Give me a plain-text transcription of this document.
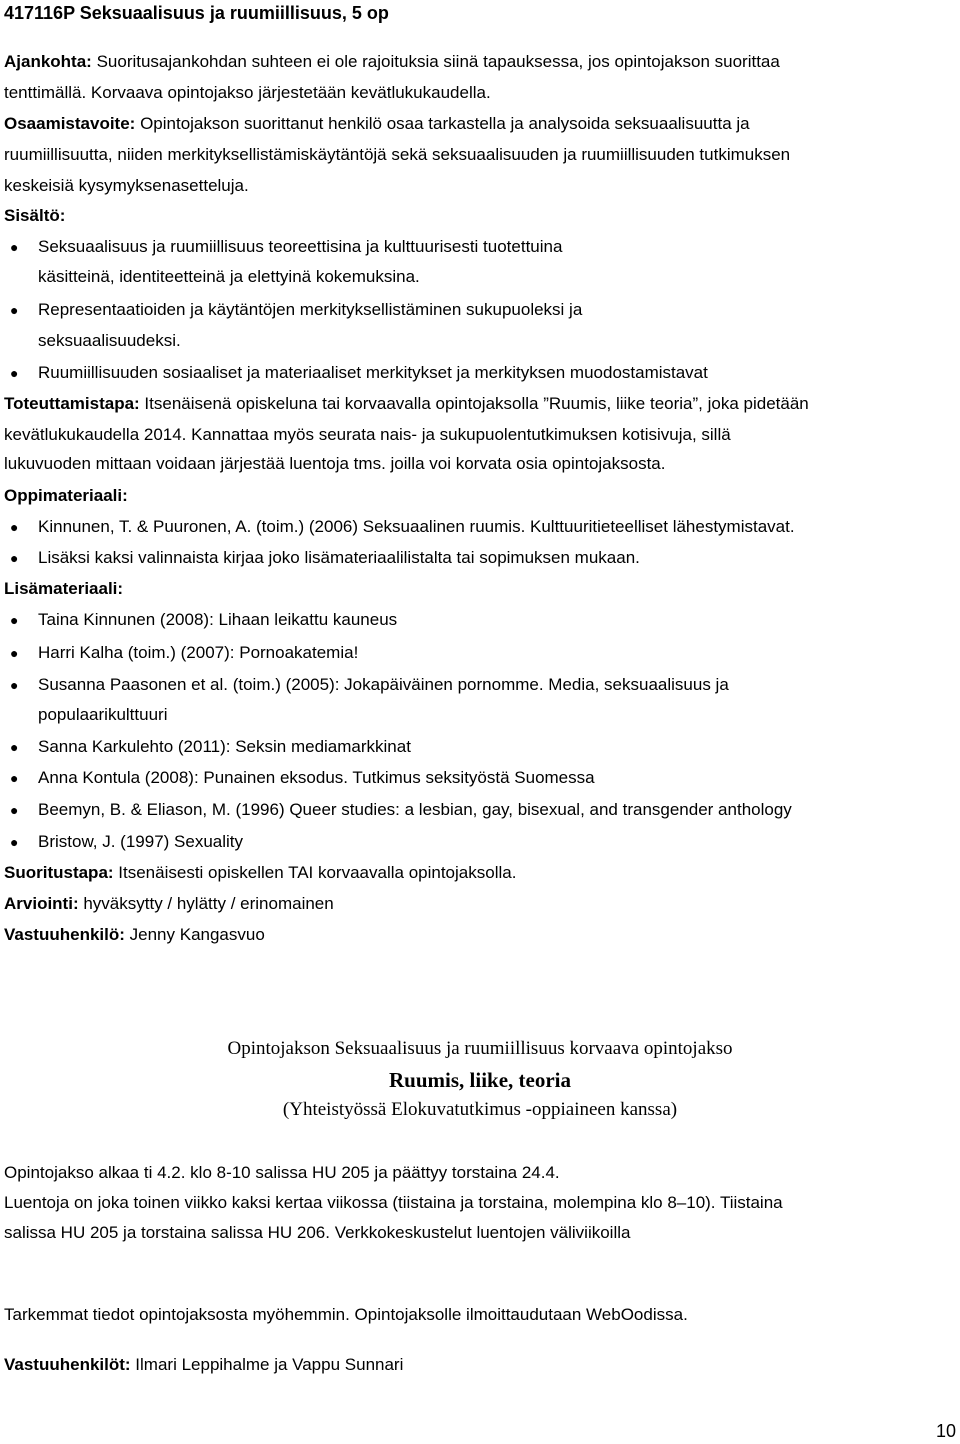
417116P Seksuaalisuus ja ruumiillisuus, 5 op
Ajankohta: Suoritusajankohdan suhteen ei ole rajoituksia siinä tapauksessa, jos opintojakson suorittaa
tenttimällä. Korvaava opintojakso järjestetään kevätlukukaudella.
Osaamistavoite: Opintojakson suorittanut henkilö osaa tarkastella ja analysoida seksuaalisuutta ja
ruumiillisuutta, niiden merkityksellistämiskäytäntöjä sekä seksuaalisuuden ja ruumiillisuuden tutkimuksen
keskeisiä kysymyksenasetteluja.
Sisältö:
● Seksuaalisuus ja ruumiillisuus teoreettisina ja kulttuurisesti tuotettuina
käsitteinä, identiteetteinä ja elettyinä kokemuksina.
● Representaatioiden ja käytäntöjen merkityksellistäminen sukupuoleksi ja
seksuaalisuudeksi.
● Ruumiillisuuden sosiaaliset ja materiaaliset merkitykset ja merkityksen muodostamistavat
Toteuttamistapa: Itsenäisenä opiskeluna tai korvaavalla opintojaksolla ”Ruumis, liike teoria”, joka pidetään
kevätlukukaudella 2014. Kannattaa myös seurata nais- ja sukupuolentutkimuksen kotisivuja, sillä
lukuvuoden mittaan voidaan järjestää luentoja tms. joilla voi korvata osia opintojaksosta.
Oppimateriaali:
● Kinnunen, T. & Puuronen, A. (toim.) (2006) Seksuaalinen ruumis. Kulttuuritieteelliset lähestymistavat.
● Lisäksi kaksi valinnaista kirjaa joko lisämateriaalilistalta tai sopimuksen mukaan.
Lisämateriaali:
● Taina Kinnunen (2008): Lihaan leikattu kauneus
● Harri Kalha (toim.) (2007): Pornoakatemia!
● Susanna Paasonen et al. (toim.) (2005): Jokapäiväinen pornomme. Media, seksuaalisuus ja
populaarikulttuuri
● Sanna Karkulehto (2011): Seksin mediamarkkinat
● Anna Kontula (2008): Punainen eksodus. Tutkimus seksityöstä Suomessa
● Beemyn, B. & Eliason, M. (1996) Queer studies: a lesbian, gay, bisexual, and transgender anthology
● Bristow, J. (1997) Sexuality
Suoritustapa: Itsenäisesti opiskellen TAI korvaavalla opintojaksolla.
Arviointi: hyväksytty / hylätty / erinomainen
Vastuuhenkilö: Jenny Kangasvuo
Opintojakson Seksuaalisuus ja ruumiillisuus korvaava opintojakso
Ruumis, liike, teoria
(Yhteistyössä Elokuvatutkimus -oppiaineen kanssa)
Opintojakso alkaa ti 4.2. klo 8-10 salissa HU 205 ja päättyy torstaina 24.4.
Luentoja on joka toinen viikko kaksi kertaa viikossa (tiistaina ja torstaina, molempina klo 8–10). Tiistaina
salissa HU 205 ja torstaina salissa HU 206. Verkkokeskustelut luentojen väliviikoilla
Tarkemmat tiedot opintojaksosta myöhemmin. Opintojaksolle ilmoittaudutaan WebOodissa.
Vastuuhenkilöt: Ilmari Leppihalme ja Vappu Sunnari
10
